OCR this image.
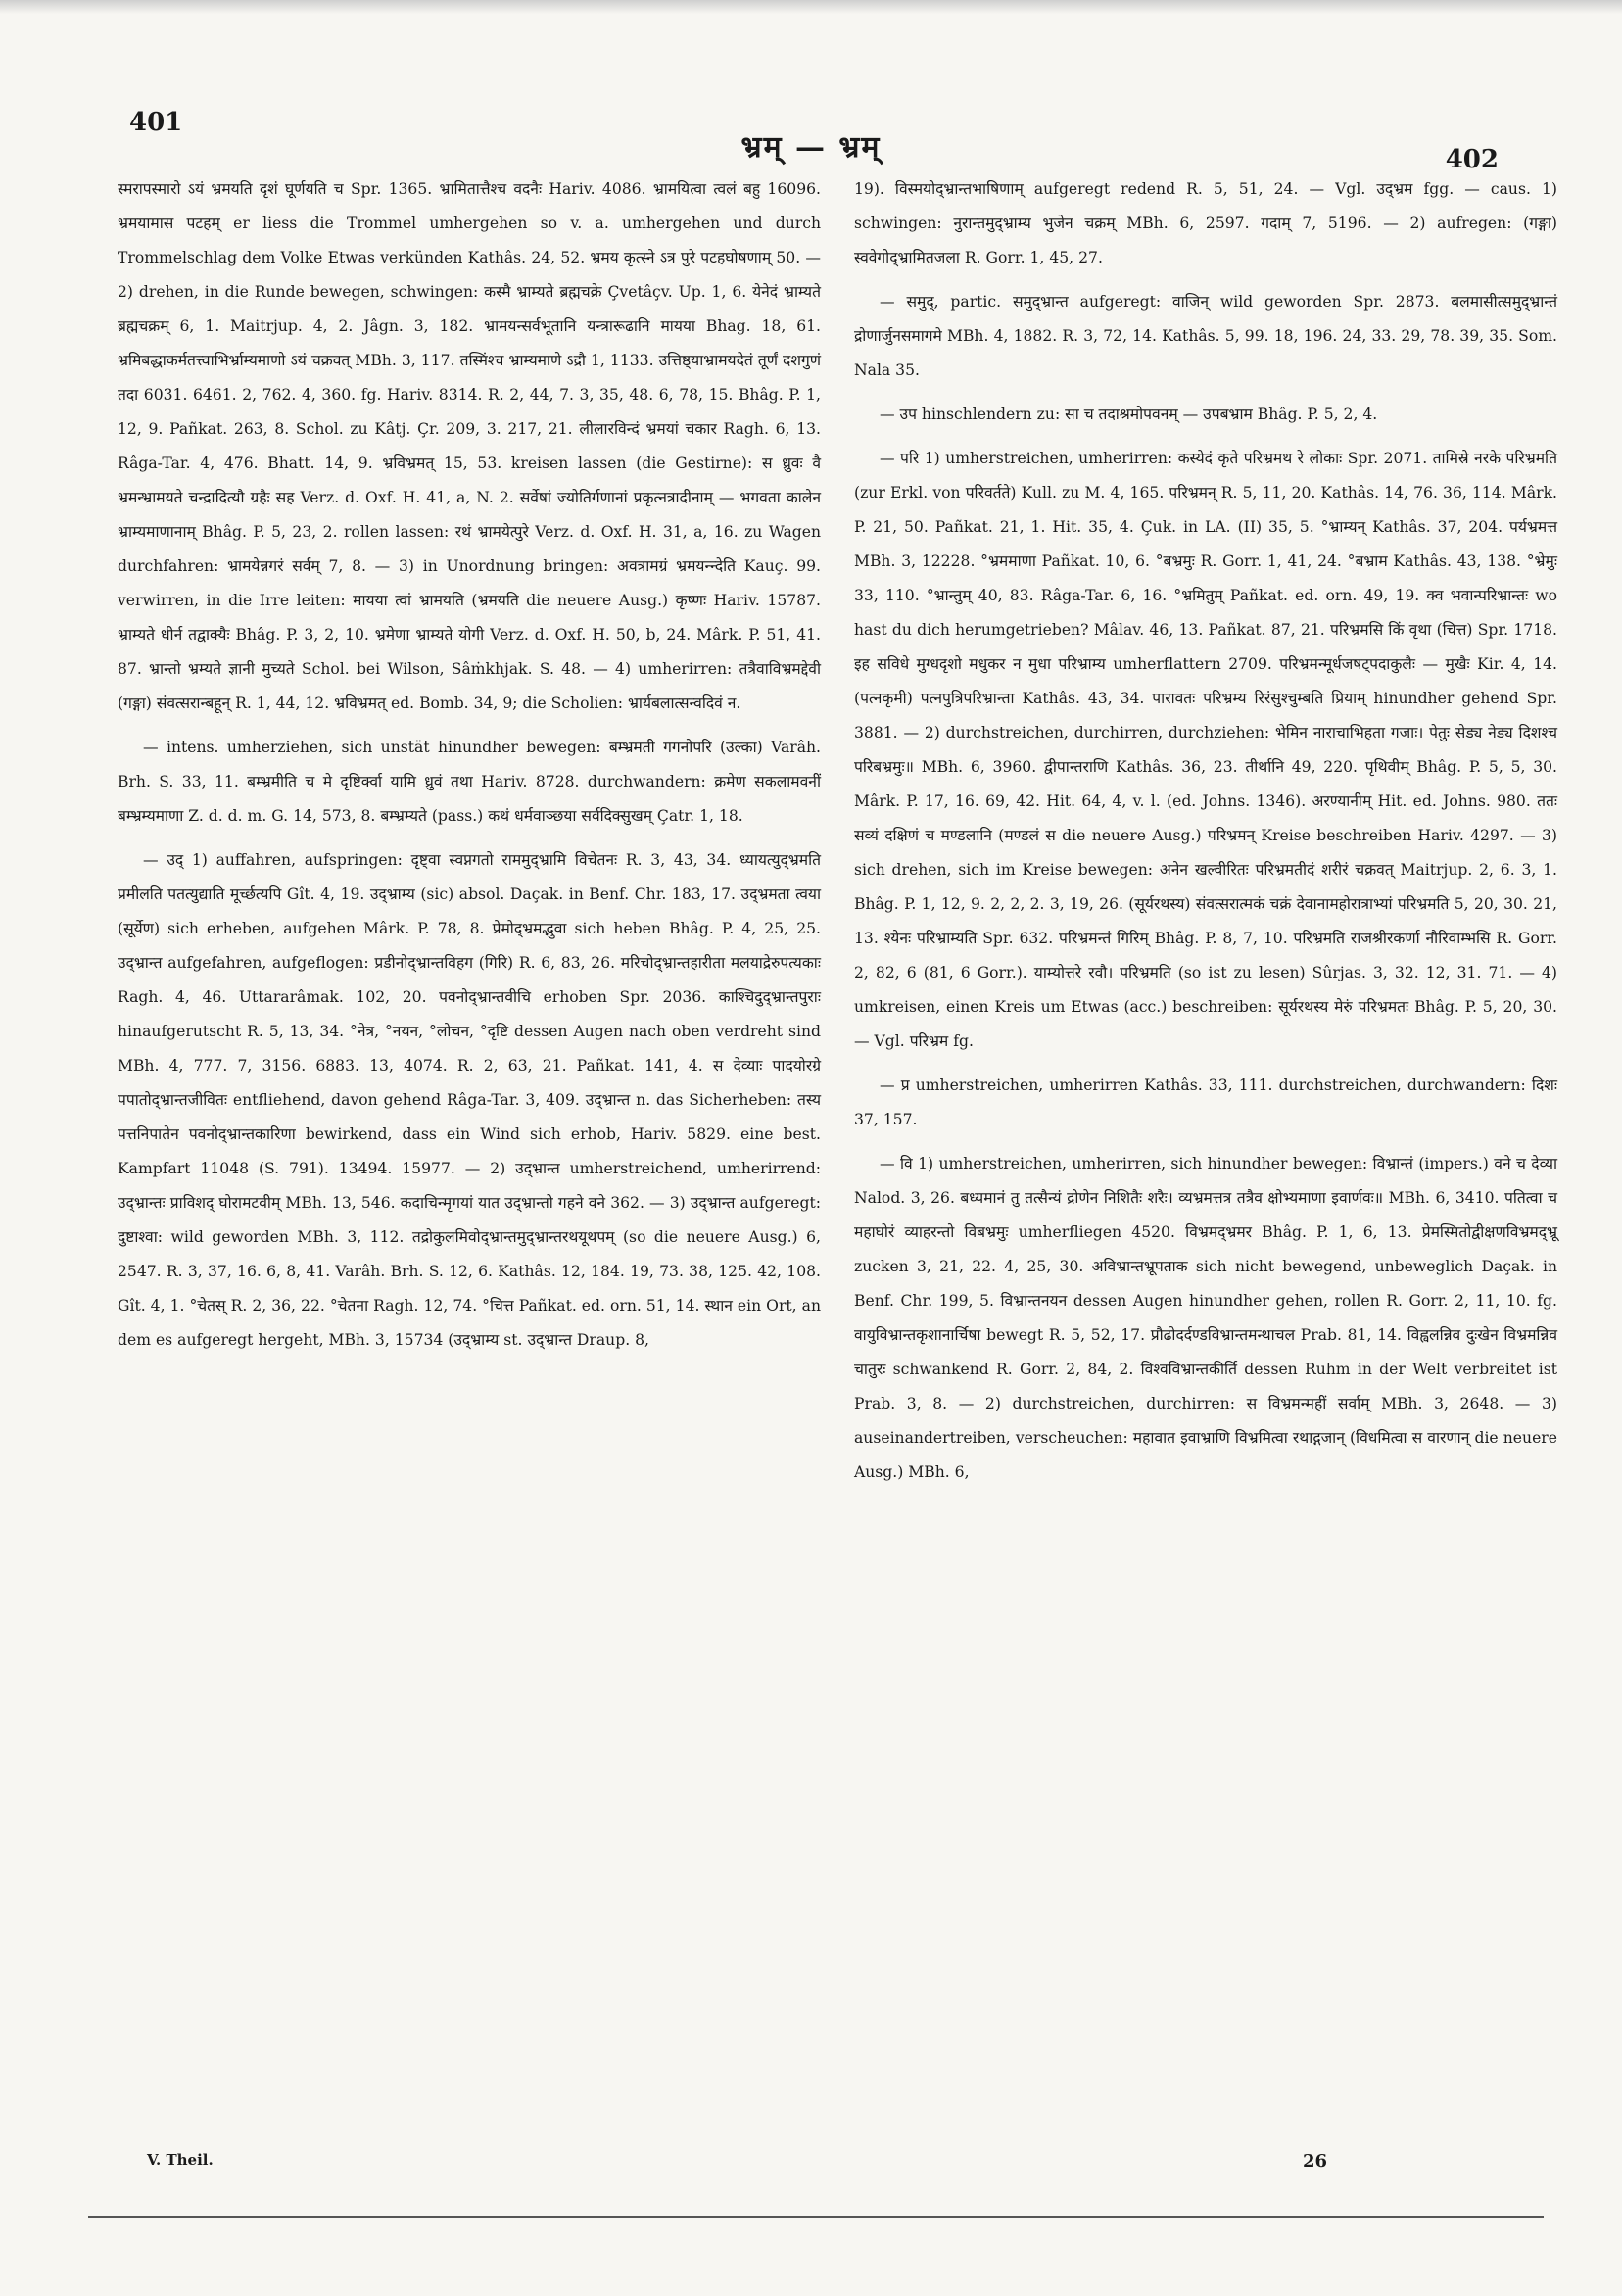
401
भ्रम् — भ्रम्	402

स्मरापस्मारो ऽयं भ्रमयति दृशं घूर्णयति च Spr. 1365. भ्रामितात्तैश्च वदनैः Hariv. 4086. भ्रामयित्वा त्वलं बहु 16096. भ्रमयामास पटहम् er liess die Trommel umhergehen so v. a. umhergehen und durch Trommelschlag dem Volke Etwas verkünden Kathâs. 24, 52. भ्रमय कृत्स्ने ऽत्र पुरे पटहघोषणाम् 50. — 2) drehen, in die Runde bewegen, schwingen: कस्मै भ्राम्यते ब्रह्मचक्रे Çvetâçv. Up. 1, 6. येनेदं भ्राम्यते ब्रह्मचक्रम् 6, 1. Maitrjup. 4, 2. Jâgn. 3, 182. भ्रामयन्सर्वभूतानि यन्त्रारूढानि मायया Bhag. 18, 61. भ्रमिबद्धाकर्मतत्त्वाभिर्भ्राम्यमाणो ऽयं चक्रवत् MBh. 3, 117. तस्मिंश्च भ्राम्यमाणे ऽद्रौ 1, 1133. उत्तिष्ठ्याभ्रामयदेतं तूर्णं दशगुणं तदा 6031. 6461. 2, 762. 4, 360. fg. Hariv. 8314. R. 2, 44, 7. 3, 35, 48. 6, 78, 15. Bhâg. P. 1, 12, 9. Pañkat. 263, 8. Schol. zu Kâtj. Çr. 209, 3. 217, 21. लीलारविन्दं भ्रमयां चकार Ragh. 6, 13. Râga-Tar. 4, 476. Bhatt. 14, 9. भ्रविभ्रमत् 15, 53. kreisen lassen (die Gestirne): स ध्रुवः वै भ्रमन्भ्रामयते चन्द्रादित्यौ ग्रहैः सह Verz. d. Oxf. H. 41, a, N. 2. सर्वेषां ज्योतिर्गणानां प्रकृत्नत्रादीनाम् — भगवता कालेन भ्राम्यमाणानाम् Bhâg. P. 5, 23, 2. rollen lassen: रथं भ्रामयेत्पुरे Verz. d. Oxf. H. 31, a, 16. zu Wagen durchfahren: भ्रामयेन्नगरं सर्वम् 7, 8. — 3) in Unordnung bringen: अवत्रामग्रं भ्रमयन्न्देति Kauç. 99. verwirren, in die Irre leiten: मायया त्वां भ्रामयति (भ्रमयति die neuere Ausg.) कृष्णः Hariv. 15787. भ्राम्यते धीर्न तद्वाक्यैः Bhâg. P. 3, 2, 10. भ्रमेणा भ्राम्यते योगी Verz. d. Oxf. H. 50, b, 24. Mârk. P. 51, 41. 87. भ्रान्तो भ्रम्यते ज्ञानी मुच्यते Schol. bei Wilson, Sâṁkhjak. S. 48. — 4) umherirren: तत्रैवाविभ्रमद्देवी (गङ्गा) संवत्सरान्बहून् R. 1, 44, 12. भ्रविभ्रमत् ed. Bomb. 34, 9; die Scholien: भ्रार्यबलात्सन्वदिवं न.

— intens. umherziehen, sich unstät hinundher bewegen: बम्भ्रमती गगनोपरि (उल्का) Varâh. Brh. S. 33, 11. बम्भ्रमीति च मे दृष्टिर्क्वा यामि ध्रुवं तथा Hariv. 8728. durchwandern: क्रमेण सकलामवनीं बम्भ्रम्यमाणा Z. d. d. m. G. 14, 573, 8. बम्भ्रम्यते (pass.) कथं धर्मवाञ्छया सर्वदिक्सुखम् Çatr. 1, 18.

— उद् 1) auffahren, aufspringen: दृष्ट्वा स्वप्नगतो राममुद्भ्रामि विचेतनः R. 3, 43, 34. ध्यायत्युद्भ्रमति प्रमीलति पतत्युद्याति मूर्च्छत्यपि Gît. 4, 19. उद्भ्राम्य (sic) absol. Daçak. in Benf. Chr. 183, 17. उद्भ्रमता त्वया (सूर्येण) sich erheben, aufgehen Mârk. P. 78, 8. प्रेमोद्भ्रमद्भुवा sich heben Bhâg. P. 4, 25, 25. उद्भ्रान्त aufgefahren, aufgeflogen: प्रडीनोद्भ्रान्तविहग (गिरि) R. 6, 83, 26. मरिचोद्भ्रान्तहारीता मलयाद्रेरुपत्यकाः Ragh. 4, 46. Uttararâmak. 102, 20. पवनोद्भ्रान्तवीचि erhoben Spr. 2036. काश्चिदुद्भ्रान्तपुराः hinaufgerutscht R. 5, 13, 34. °नेत्र, °नयन, °लोचन, °दृष्टि dessen Augen nach oben verdreht sind MBh. 4, 777. 7, 3156. 6883. 13, 4074. R. 2, 63, 21. Pañkat. 141, 4. स देव्याः पादयोरग्रे पपातोद्भ्रान्तजीवितः entfliehend, davon gehend Râga-Tar. 3, 409. उद्भ्रान्त n. das Sicherheben: तस्य पत्तनिपातेन पवनोद्भ्रान्तकारिणा bewirkend, dass ein Wind sich erhob, Hariv. 5829. eine best. Kampfart 11048 (S. 791). 13494. 15977. — 2) उद्भ्रान्त umherstreichend, umherirrend: उद्भ्रान्तः प्राविशद् घोरामटवीम् MBh. 13, 546. कदाचिन्मृगयां यात उद्भ्रान्तो गहने वने 362. — 3) उद्भ्रान्त aufgeregt: दुष्टाश्वा: wild geworden MBh. 3, 112. तद्रोकुलमिवोद्भ्रान्तमुद्भ्रान्तरथयूथपम् (so die neuere Ausg.) 6, 2547. R. 3, 37, 16. 6, 8, 41. Varâh. Brh. S. 12, 6. Kathâs. 12, 184. 19, 73. 38, 125. 42, 108. Gît. 4, 1. °चेतस् R. 2, 36, 22. °चेतना Ragh. 12, 74. °चित्त Pañkat. ed. orn. 51, 14. स्थान ein Ort, an dem es aufgeregt hergeht, MBh. 3, 15734 (उद्भ्राम्य st. उद्भ्रान्त Draup. 8,

19). विस्मयोद्भ्रान्तभाषिणाम् aufgeregt redend R. 5, 51, 24. — Vgl. उद्भ्रम fgg. — caus. 1) schwingen: नुरान्तमुद्भ्राम्य भुजेन चक्रम् MBh. 6, 2597. गदाम् 7, 5196. — 2) aufregen: (गङ्गा) स्ववेगोद्भ्रामितजला R. Gorr. 1, 45, 27.

— समुद्, partic. समुद्भ्रान्त aufgeregt: वाजिन् wild geworden Spr. 2873. बलमासीत्समुद्भ्रान्तं द्रोणार्जुनसमागमे MBh. 4, 1882. R. 3, 72, 14. Kathâs. 5, 99. 18, 196. 24, 33. 29, 78. 39, 35. Som. Nala 35.

— उप hinschlendern zu: सा च तदाश्रमोपवनम् — उपबभ्राम Bhâg. P. 5, 2, 4.

— परि 1) umherstreichen, umherirren: कस्येदं कृते परिभ्रमथ रे लोकाः Spr. 2071. तामिस्रे नरके परिभ्रमति (zur Erkl. von परिवर्तते) Kull. zu M. 4, 165. परिभ्रमन् R. 5, 11, 20. Kathâs. 14, 76. 36, 114. Mârk. P. 21, 50. Pañkat. 21, 1. Hit. 35, 4. Çuk. in LA. (II) 35, 5. °भ्राम्यन् Kathâs. 37, 204. पर्यभ्रमत्त MBh. 3, 12228. °भ्रममाणा Pañkat. 10, 6. °बभ्रमुः R. Gorr. 1, 41, 24. °बभ्राम Kathâs. 43, 138. °भ्रेमुः 33, 110. °भ्रान्तुम् 40, 83. Râga-Tar. 6, 16. °भ्रमितुम् Pañkat. ed. orn. 49, 19. क्व भवान्परिभ्रान्तः wo hast du dich herumgetrieben? Mâlav. 46, 13. Pañkat. 87, 21. परिभ्रमसि किं वृथा (चित्त) Spr. 1718. इह सविधे मुग्धदृशो मधुकर न मुधा परिभ्राम्य umherflattern 2709. परिभ्रमन्मूर्धजषट्पदाकुलैः — मुखैः Kir. 4, 14. (पत्नकृमी) पत्नपुत्रिपरिभ्रान्ता Kathâs. 43, 34. पारावतः परिभ्रम्य रिरंसुश्चुम्बति प्रियाम् hinundher gehend Spr. 3881. — 2) durchstreichen, durchirren, durchziehen: भेमिन नाराचाभिहता गजाः। पेतुः सेड्य नेड्य दिशश्च परिबभ्रमुः॥ MBh. 6, 3960. द्वीपान्तराणि Kathâs. 36, 23. तीर्थानि 49, 220. पृथिवीम् Bhâg. P. 5, 5, 30. Mârk. P. 17, 16. 69, 42. Hit. 64, 4, v. l. (ed. Johns. 1346). अरण्यानीम् Hit. ed. Johns. 980. ततः सव्यं दक्षिणं च मण्डलानि (मण्डलं स die neuere Ausg.) परिभ्रमन् Kreise beschreiben Hariv. 4297. — 3) sich drehen, sich im Kreise bewegen: अनेन खल्वीरितः परिभ्रमतीदं शरीरं चक्रवत् Maitrjup. 2, 6. 3, 1. Bhâg. P. 1, 12, 9. 2, 2, 2. 3, 19, 26. (सूर्यरथस्य) संवत्सरात्मकं चक्रं देवानामहोरात्राभ्यां परिभ्रमति 5, 20, 30. 21, 13. श्येनः परिभ्राम्यति Spr. 632. परिभ्रमन्तं गिरिम् Bhâg. P. 8, 7, 10. परिभ्रमति राजश्रीरकर्णा नौरिवाम्भसि R. Gorr. 2, 82, 6 (81, 6 Gorr.). याम्योत्तरे रवौ। परिभ्रमति (so ist zu lesen) Sûrjas. 3, 32. 12, 31. 71. — 4) umkreisen, einen Kreis um Etwas (acc.) beschreiben: सूर्यरथस्य मेरुं परिभ्रमतः Bhâg. P. 5, 20, 30. — Vgl. परिभ्रम fg.

— प्र umherstreichen, umherirren Kathâs. 33, 111. durchstreichen, durchwandern: दिशः 37, 157.

— वि 1) umherstreichen, umherirren, sich hinundher bewegen: विभ्रान्तं (impers.) वने च देव्या Nalod. 3, 26. बध्यमानं तु तत्सैन्यं द्रोणेन निशितैः शरैः। व्यभ्रमत्तत्र तत्रैव क्षोभ्यमाणा इवार्णवः॥ MBh. 6, 3410. पतित्वा च महाघोरं व्याहरन्तो विबभ्रमुः umherfliegen 4520. विभ्रमद्भ्रमर Bhâg. P. 1, 6, 13. प्रेमस्मितोद्वीक्षणविभ्रमद्भ्रू zucken 3, 21, 22. 4, 25, 30. अविभ्रान्तभ्रूपताक sich nicht bewegend, unbeweglich Daçak. in Benf. Chr. 199, 5. विभ्रान्तनयन dessen Augen hinundher gehen, rollen R. Gorr. 2, 11, 10. fg. वायुविभ्रान्तकृशानार्चिषा bewegt R. 5, 52, 17. प्रौढोदर्दण्डविभ्रान्तमन्थाचल Prab. 81, 14. विह्वलन्निव दुःखेन विभ्रमन्निव चातुरः schwankend R. Gorr. 2, 84, 2. विश्वविभ्रान्तकीर्ति dessen Ruhm in der Welt verbreitet ist Prab. 3, 8. — 2) durchstreichen, durchirren: स विभ्रमन्महीं सर्वाम् MBh. 3, 2648. — 3) auseinandertreiben, verscheuchen: महावात इवाभ्राणि विभ्रमित्वा रथाद्गजान् (विधमित्वा स वारणान् die neuere Ausg.) MBh. 6,

V. Theil.	26
